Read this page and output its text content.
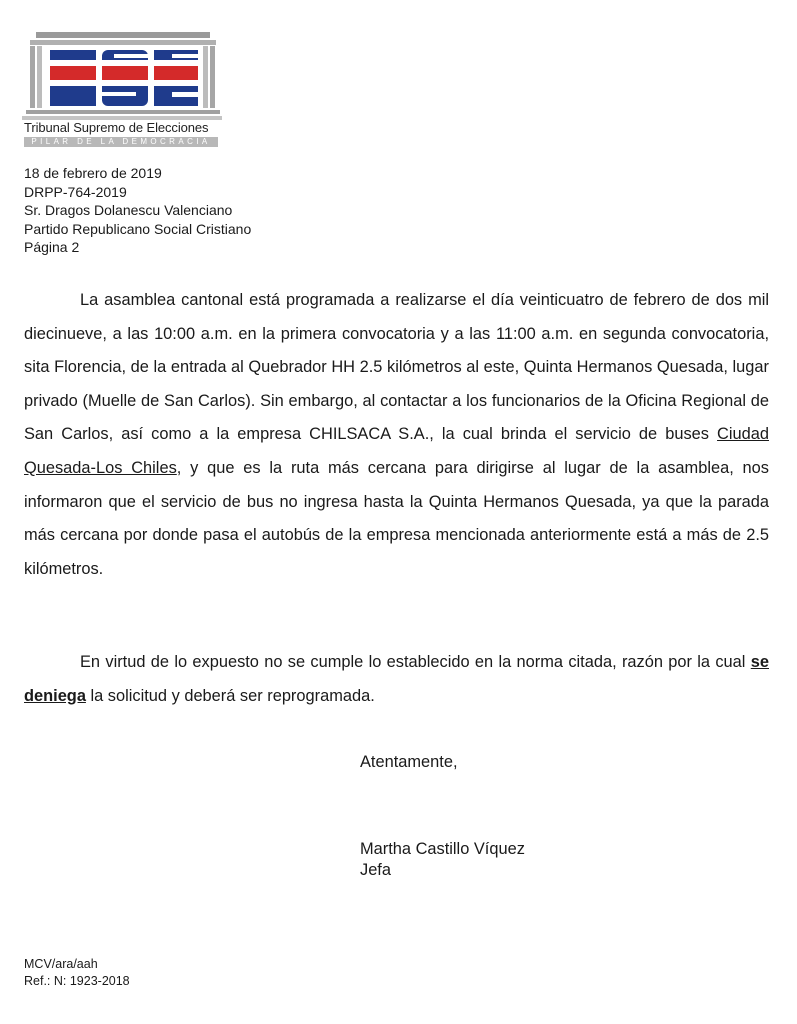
Tribunal Supremo de Elecciones
PILAR DE LA DEMOCRACIA
18 de febrero de 2019
DRPP-764-2019
Sr. Dragos Dolanescu Valenciano
Partido Republicano Social Cristiano
Página 2

La asamblea cantonal está programada a realizarse el día veinticuatro de febrero de dos mil diecinueve, a las 10:00 a.m. en la primera convocatoria y a las 11:00 a.m. en segunda convocatoria, sita Florencia, de la entrada al Quebrador HH 2.5 kilómetros al este, Quinta Hermanos Quesada, lugar privado (Muelle de San Carlos). Sin embargo, al contactar a los funcionarios de la Oficina Regional de San Carlos, así como a la empresa CHILSACA S.A., la cual brinda el servicio de buses Ciudad Quesada-Los Chiles, y que es la ruta más cercana para dirigirse al lugar de la asamblea, nos informaron que el servicio de bus no ingresa hasta la Quinta Hermanos Quesada, ya que la parada más cercana por donde pasa el autobús de la empresa mencionada anteriormente está a más de 2.5 kilómetros.

En virtud de lo expuesto no se cumple lo establecido en la norma citada, razón por la cual se deniega la solicitud y deberá ser reprogramada.

Atentamente,
Martha Castillo Víquez
Jefa
MCV/ara/aah
Ref.: N: 1923-2018
